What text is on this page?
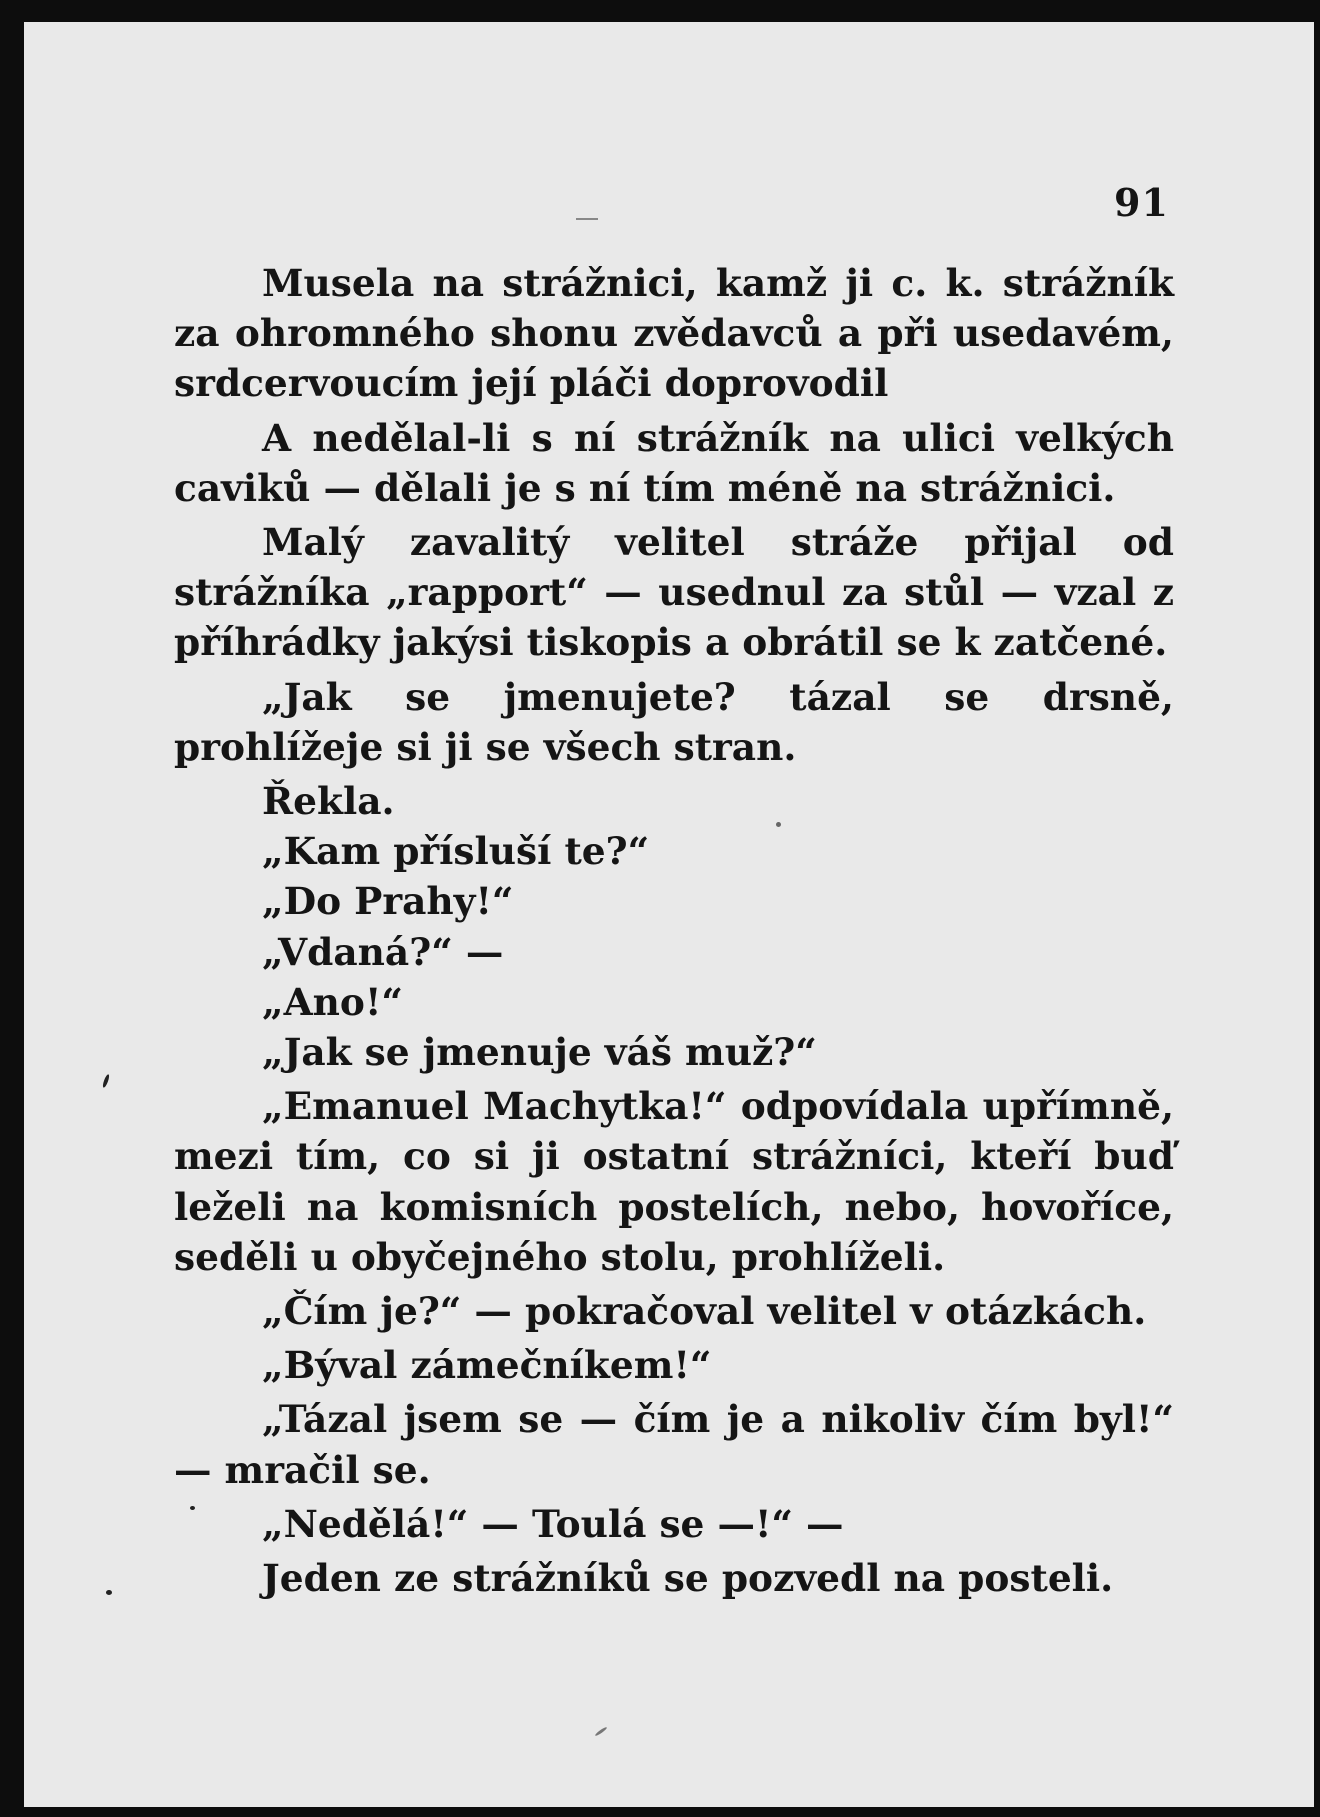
91

Musela na strážnici, kamž ji c. k. strážník za ohromného shonu zvědavců a při usedavém, srdcervoucím její pláči doprovodil

A nedělal-li s ní strážník na ulici velkých caviků — dělali je s ní tím méně na strážnici.

Malý zavalitý velitel stráže přijal od strážníka „rapport“ — usednul za stůl — vzal z příhrádky jakýsi tiskopis a obrátil se k zatčené.

„Jak se jmenujete? tázal se drsně, prohlížeje si ji se všech stran.

Řekla.

„Kam přísluší te?“

„Do Prahy!“

„Vdaná?“ —

„Ano!“

„Jak se jmenuje váš muž?“

„Emanuel Machytka!“ odpovídala upřímně, mezi tím, co si ji ostatní strážníci, kteří buď leželi na komisních postelích, nebo, hovoříce, seděli u obyčejného stolu, prohlíželi.

„Čím je?“ — pokračoval velitel v otázkách.

„Býval zámečníkem!“

„Tázal jsem se — čím je a nikoliv čím byl!“ — mračil se.

„Nedělá!“ — Toulá se —!“ —

Jeden ze strážníků se pozvedl na posteli.
